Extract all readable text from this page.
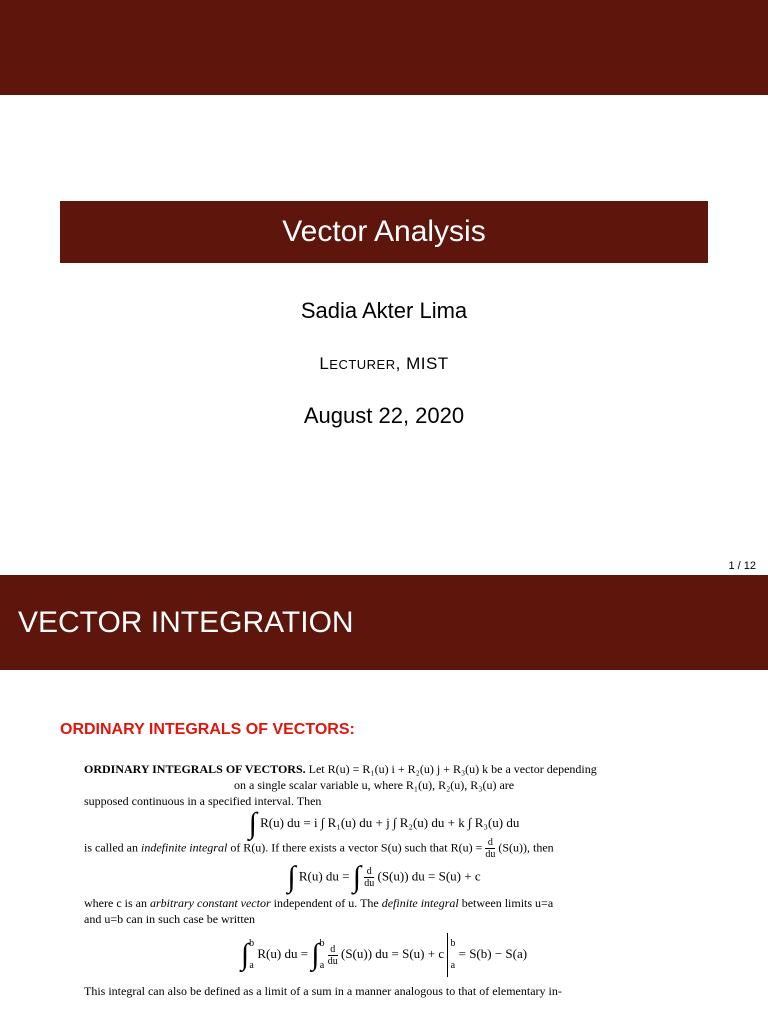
Vector Analysis
Sadia Akter Lima
LECTURER, MIST
August 22, 2020
1 / 12
VECTOR INTEGRATION
ORDINARY INTEGRALS OF VECTORS:

ORDINARY INTEGRALS OF VECTORS. Let R(u) = R₁(u) i + R₂(u) j + R₃(u) k be a vector depending

on a single scalar variable u, where R₁(u), R₂(u), R₃(u) are

supposed continuous in a specified interval. Then

∫ R(u) du = i ∫ R₁(u) du + j ∫ R₂(u) du + k ∫ R₃(u) du

is called an indefinite integral of R(u). If there exists a vector S(u) such that $R(u) = \frac{d}{du} (S(u))$, then

∫ R(u) du = ∫ $\frac{d}{du} (S(u))$ du = S(u) + c

where c is an arbitrary constant vector independent of u. The definite integral between limits u=a

and u=b can in such case be written

∫ b
a
R(u) du = ∫ b
a
$\frac{d}{du} (S(u))$ du = S(u) + c
b
a
= S(b) − S(a)

This integral can also be defined as a limit of a sum in a manner analogous to that of elementary in-
